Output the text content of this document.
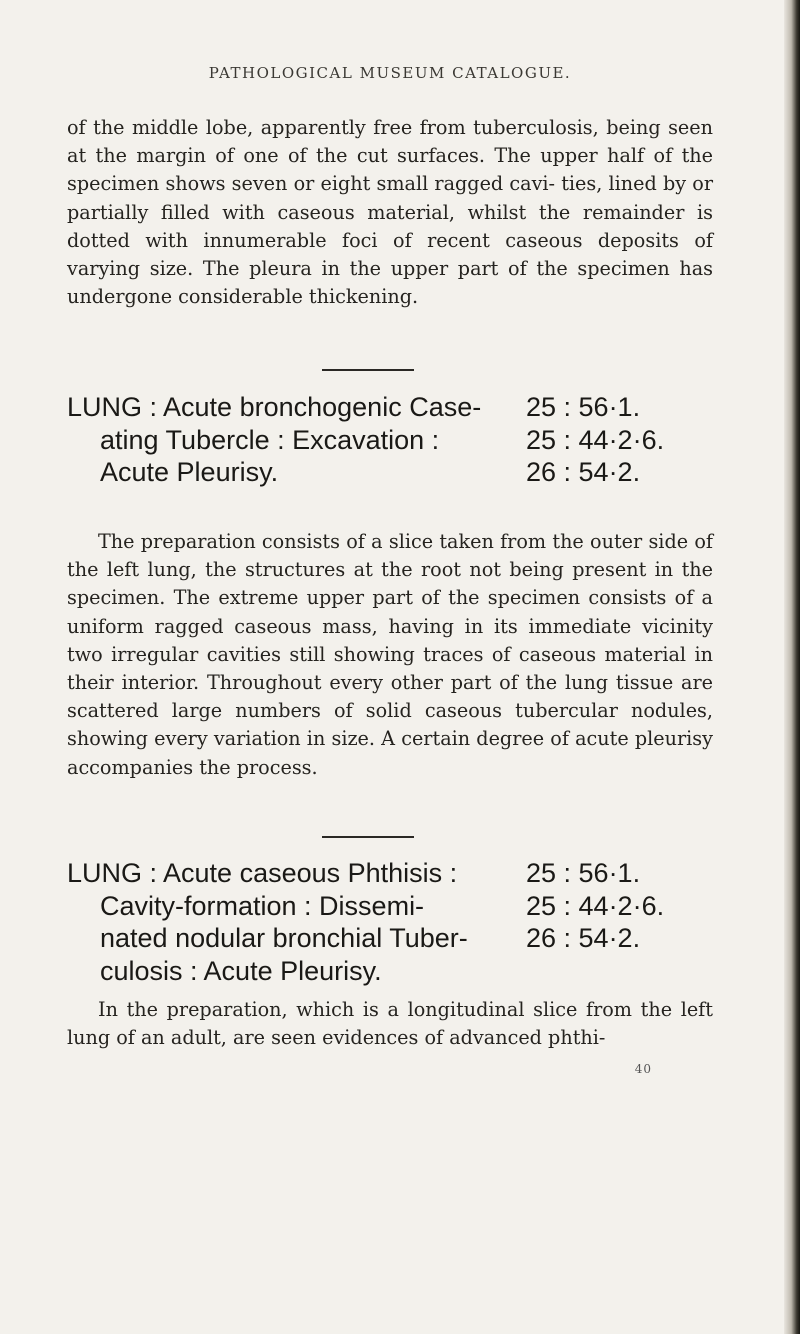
PATHOLOGICAL MUSEUM CATALOGUE.

of the middle lobe, apparently free from tuberculosis, being seen at the margin of one of the cut surfaces. The upper half of the specimen shows seven or eight small ragged cavi- ties, lined by or partially filled with caseous material, whilst the remainder is dotted with innumerable foci of recent caseous deposits of varying size. The pleura in the upper part of the specimen has undergone considerable thickening.

LUNG : Acute bronchogenic Case- 25 : 56·1.
ating Tubercle : Excavation :	25 : 44·2·6.
Acute Pleurisy.	26 : 54·2.

The preparation consists of a slice taken from the outer side of the left lung, the structures at the root not being present in the specimen. The extreme upper part of the specimen consists of a uniform ragged caseous mass, having in its immediate vicinity two irregular cavities still showing traces of caseous material in their interior. Throughout every other part of the lung tissue are scattered large numbers of solid caseous tubercular nodules, showing every variation in size. A certain degree of acute pleurisy accompanies the process.

LUNG : Acute caseous Phthisis :	25 : 56·1.
Cavity-formation : Dissemi-	25 : 44·2·6.
nated nodular bronchial Tuber- 26 : 54·2.
culosis : Acute Pleurisy.

In the preparation, which is a longitudinal slice from the left lung of an adult, are seen evidences of advanced phthi-

40
